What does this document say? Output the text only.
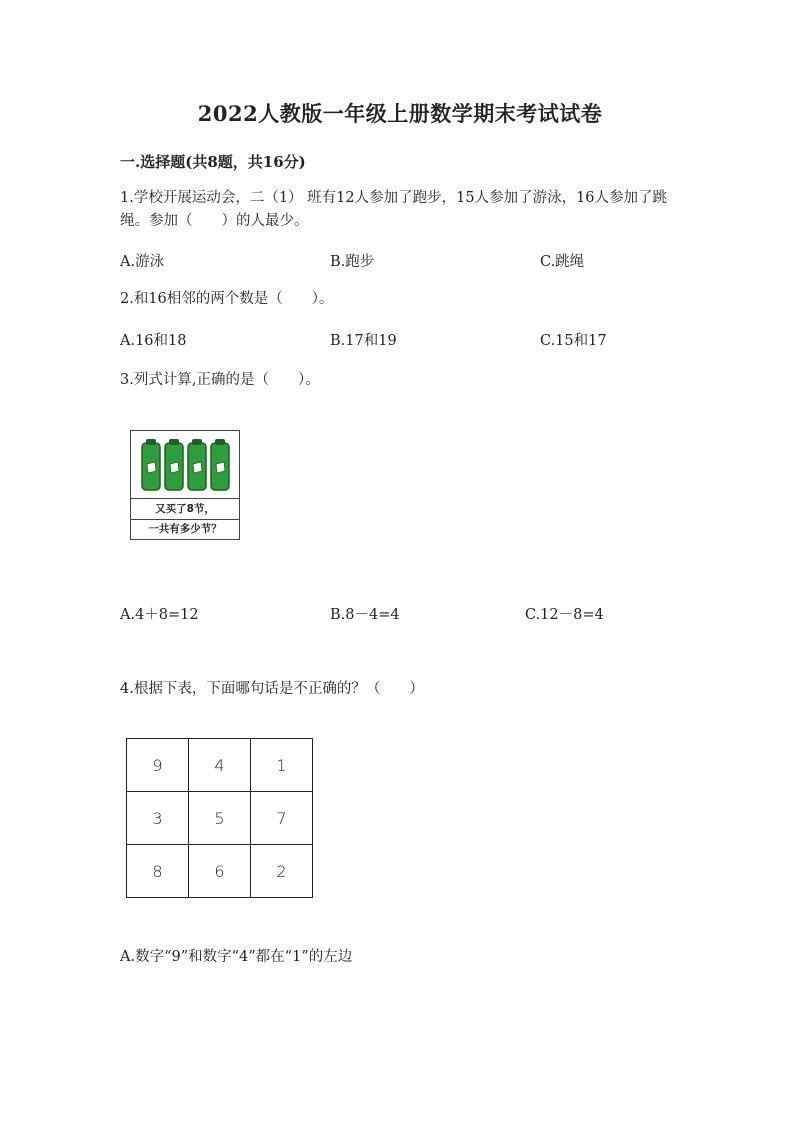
2022人教版一年级上册数学期末考试试卷
一.选择题(共8题，共16分)
1.学校开展运动会，二（1） 班有12人参加了跑步，15人参加了游泳，16人参加了跳绳。参加（　　）的人最少。
A.游泳	B.跑步	C.跳绳
2.和16相邻的两个数是（　　）。
A.16和18	B.17和19	C.15和17
3.列式计算,正确的是（　　）。
又买了8节，
一共有多少节？
A.4＋8=12	B.8－4=4	C.12－8=4
4.根据下表，下面哪句话是不正确的？（　　）
9	4	1
3	5	7
8	6	2
A.数字“9”和数字“4”都在“1”的左边
